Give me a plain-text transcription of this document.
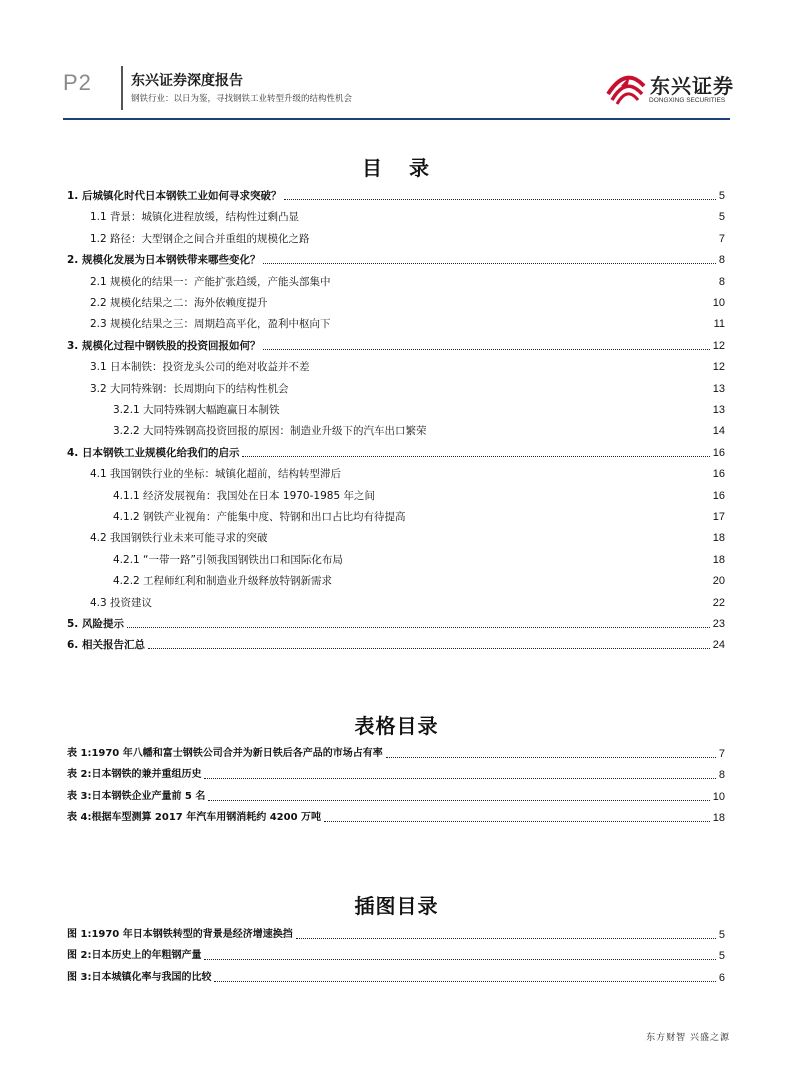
P2	东兴证券深度报告
钢铁行业：以日为鉴，寻找钢铁工业转型升级的结构性机会
东兴证券
DONGXING SECURITIES
目 录
1. 后城镇化时代日本钢铁工业如何寻求突破？	5
1.1 背景：城镇化进程放缓，结构性过剩凸显	5
1.2 路径：大型钢企之间合并重组的规模化之路	7
2. 规模化发展为日本钢铁带来哪些变化？	8
2.1 规模化的结果一：产能扩张趋缓，产能头部集中	8
2.2 规模化结果之二：海外依赖度提升	10
2.3 规模化结果之三：周期趋高平化，盈利中枢向下	11
3. 规模化过程中钢铁股的投资回报如何？	12
3.1 日本制铁：投资龙头公司的绝对收益并不差	12
3.2 大同特殊钢：长周期向下的结构性机会	13
3.2.1 大同特殊钢大幅跑赢日本制铁	13
3.2.2 大同特殊钢高投资回报的原因：制造业升级下的汽车出口繁荣	14
4. 日本钢铁工业规模化给我们的启示	16
4.1 我国钢铁行业的坐标：城镇化超前，结构转型滞后	16
4.1.1 经济发展视角：我国处在日本 1970-1985 年之间	16
4.1.2 钢铁产业视角：产能集中度、特钢和出口占比均有待提高	17
4.2 我国钢铁行业未来可能寻求的突破	18
4.2.1 “一带一路”引领我国钢铁出口和国际化布局	18
4.2.2 工程师红利和制造业升级释放特钢新需求	20
4.3 投资建议	22
5. 风险提示	23
6. 相关报告汇总	24
表格目录
表 1:1970 年八幡和富士钢铁公司合并为新日铁后各产品的市场占有率	7
表 2:日本钢铁的兼并重组历史	8
表 3:日本钢铁企业产量前 5 名	10
表 4:根据车型测算 2017 年汽车用钢消耗约 4200 万吨	18
插图目录
图 1:1970 年日本钢铁转型的背景是经济增速换挡	5
图 2:日本历史上的年粗钢产量	5
图 3:日本城镇化率与我国的比较	6
东方财智 兴盛之源
